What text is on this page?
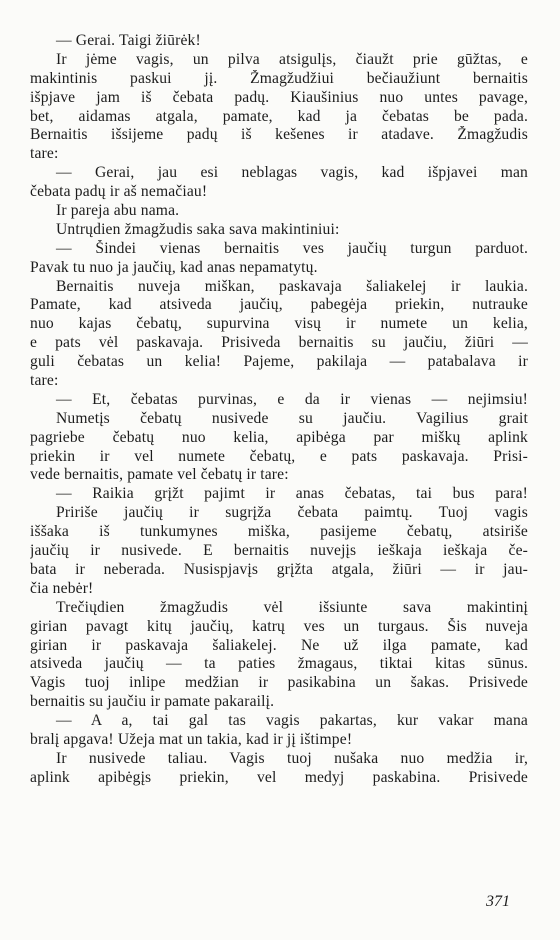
— Gerai. Taigi žiūrėk!
Ir jėme vagis, un pilva atsigulįs, čiaužt prie gūžtas, e
makintinis paskui jį. Žmagžudžiui bečiaužiunt bernaitis
išpjave jam iš čebata padų. Kiaušinius nuo untes pavage,
bet, aidamas atgala, pamate, kad ja čebatas be pada.
Bernaitis išsijeme padų iš kešenes ir atadave. Žmagžudis
tare:
— Gerai, jau esi neblagas vagis, kad išpjavei man
čebata padų ir aš nemačiau!
Ir pareja abu nama.
Untrųdien žmagžudis saka sava makintiniui:
— Šindei vienas bernaitis ves jaučių turgun parduot.
Pavak tu nuo ja jaučių, kad anas nepamatytų.
Bernaitis nuveja miškan, paskavaja šaliakelej ir laukia.
Pamate, kad atsiveda jaučių, pabegėja priekin, nutrauke
nuo kajas čebatų, supurvina visų ir numete un kelia,
e pats vėl paskavaja. Prisiveda bernaitis su jaučiu, žiūri —
guli čebatas un kelia! Pajeme, pakilaja — patabalava ir
tare:
— Et, čebatas purvinas, e da ir vienas — nejimsiu!
Numetįs čebatų nusivede su jaučiu. Vagilius grait
pagriebe čebatų nuo kelia, apibėga par miškų aplink
priekin ir vel numete čebatų, e pats paskavaja. Prisi-
vede bernaitis, pamate vel čebatų ir tare:
— Raikia grįžt pajimt ir anas čebatas, tai bus para!
Pririše jaučių ir sugrįža čebata paimtų. Tuoj vagis
iššaka iš tunkumynes miška, pasijeme čebatų, atsiriše
jaučių ir nusivede. E bernaitis nuvejįs ieškaja ieškaja če-
bata ir neberada. Nusispjavįs grįžta atgala, žiūri — ir jau-
čia nebėr!
Trečiųdien žmagžudis vėl išsiunte sava makintinį
girian pavagt kitų jaučių, katrų ves un turgaus. Šis nuveja
girian ir paskavaja šaliakelej. Ne už ilga pamate, kad
atsiveda jaučių — ta paties žmagaus, tiktai kitas sūnus.
Vagis tuoj inlipe medžian ir pasikabina un šakas. Prisivede
bernaitis su jaučiu ir pamate pakarailį.
— A a, tai gal tas vagis pakartas, kur vakar mana
bralį apgava! Užeja mat un takia, kad ir jį ištimpe!
Ir nusivede taliau. Vagis tuoj nušaka nuo medžia ir,
aplink apibėgįs priekin, vel medyj paskabina. Prisivede
371
